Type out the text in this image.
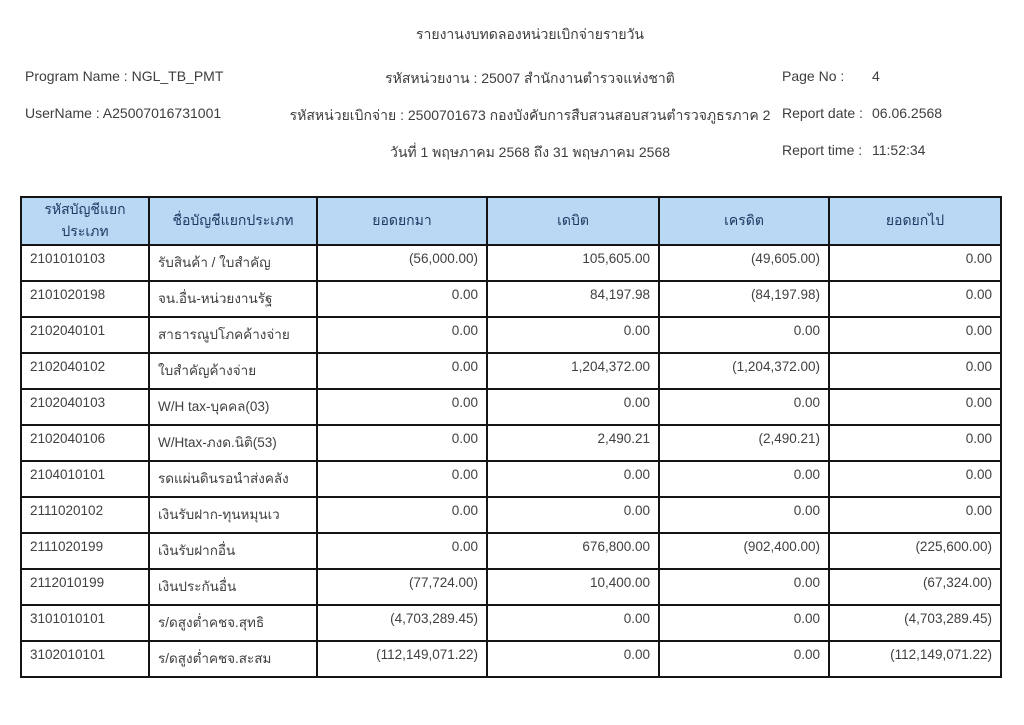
รายงานงบทดลองหน่วยเบิกจ่ายรายวัน
Program Name : NGL_TB_PMT	รหัสหน่วยงาน : 25007 สำนักงานตำรวจแห่งชาติ	Page No : 4
UserName : A25007016731001	รหัสหน่วยเบิกจ่าย : 2500701673 กองบังคับการสืบสวนสอบสวนตำรวจภูธรภาค 2 Report date : 06.06.2568
วันที่ 1 พฤษภาคม 2568 ถึง 31 พฤษภาคม 2568	Report time : 11:52:34
รหัสบัญชีแยกประเภท	ชื่อบัญชีแยกประเภท	ยอดยกมา	เดบิต	เครดิต	ยอดยกไป
2101010103	รับสินค้า / ใบสำคัญ	(56,000.00)	105,605.00	(49,605.00)	0.00
2101020198	จน.อื่น-หน่วยงานรัฐ	0.00	84,197.98	(84,197.98)	0.00
2102040101	สาธารณูปโภคค้างจ่าย	0.00	0.00	0.00	0.00
2102040102	ใบสำคัญค้างจ่าย	0.00	1,204,372.00	(1,204,372.00)	0.00
2102040103	W/H tax-บุคคล(03)	0.00	0.00	0.00	0.00
2102040106	W/Htax-ภงด.นิติ(53)	0.00	2,490.21	(2,490.21)	0.00
2104010101	รดแผ่นดินรอนำส่งคลัง	0.00	0.00	0.00	0.00
2111020102	เงินรับฝาก-ทุนหมุนเว	0.00	0.00	0.00	0.00
2111020199	เงินรับฝากอื่น	0.00	676,800.00	(902,400.00)	(225,600.00)
2112010199	เงินประกันอื่น	(77,724.00)	10,400.00	0.00	(67,324.00)
3101010101	ร/ดสูงต่ำคชจ.สุทธิ	(4,703,289.45)	0.00	0.00	(4,703,289.45)
3102010101	ร/ดสูงต่ำคชจ.สะสม	(112,149,071.22)	0.00	0.00	(112,149,071.22)
